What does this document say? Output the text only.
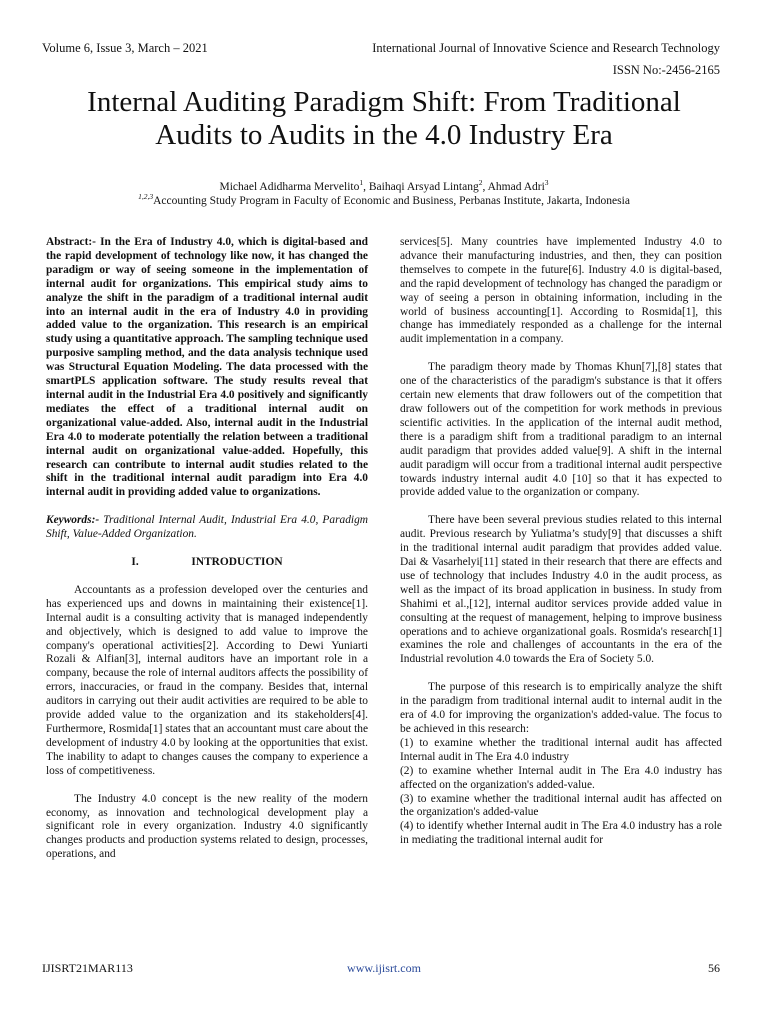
Volume 6, Issue 3, March – 2021	International Journal of Innovative Science and Research Technology
ISSN No:-2456-2165
Internal Auditing Paradigm Shift: From Traditional
Audits to Audits in the 4.0 Industry Era
Michael Adidharma Mervelito$^1$, Baihaqi Arsyad Lintang$^2$, Ahmad Adri$^3$
$^{1,2,3}$Accounting Study Program in Faculty of Economic and Business, Perbanas Institute, Jakarta, Indonesia

Abstract:- In the Era of Industry 4.0, which is digital-based and the rapid development of technology like now, it has changed the paradigm or way of seeing someone in the implementation of internal audit for organizations. This empirical study aims to analyze the shift in the paradigm of a traditional internal audit into an internal audit in the era of Industry 4.0 in providing added value to the organization. This research is an empirical study using a quantitative approach. The sampling technique used purposive sampling method, and the data analysis technique used was Structural Equation Modeling. The data processed with the smartPLS application software. The study results reveal that internal audit in the Industrial Era 4.0 positively and significantly mediates the effect of a traditional internal audit on organizational value-added. Also, internal audit in the Industrial Era 4.0 to moderate potentially the relation between a traditional internal audit on organizational value-added. Hopefully, this research can contribute to internal audit studies related to the shift in the traditional internal audit paradigm into Era 4.0 internal audit in providing added value to organizations.

Keywords:- Traditional Internal Audit, Industrial Era 4.0, Paradigm Shift, Value-Added Organization.

I.	INTRODUCTION

Accountants as a profession developed over the centuries and has experienced ups and downs in maintaining their existence[1]. Internal audit is a consulting activity that is managed independently and objectively, which is designed to add value to improve the company's operational activities[2]. According to Dewi Yuniarti Rozali & Alfian[3], internal auditors have an important role in a company, because the role of internal auditors affects the possibility of errors, inaccuracies, or fraud in the company. Besides that, internal auditors in carrying out their audit activities are required to be able to provide added value to the organization and its stakeholders[4]. Furthermore, Rosmida[1] states that an accountant must care about the development of industry 4.0 by looking at the opportunities that exist. The inability to adapt to changes causes the company to experience a loss of competitiveness.

The Industry 4.0 concept is the new reality of the modern economy, as innovation and technological development play a significant role in every organization. Industry 4.0 significantly changes products and production systems related to design, processes, operations, and

services[5]. Many countries have implemented Industry 4.0 to advance their manufacturing industries, and then, they can position themselves to compete in the future[6]. Industry 4.0 is digital-based, and the rapid development of technology has changed the paradigm or way of seeing a person in obtaining information, including in the world of business accounting[1]. According to Rosmida[1], this change has immediately responded as a challenge for the internal audit implementation in a company.

The paradigm theory made by Thomas Khun[7],[8] states that one of the characteristics of the paradigm's substance is that it offers certain new elements that draw followers out of the competition that draw followers out of the competition for work methods in previous scientific activities. In the application of the internal audit method, there is a paradigm shift from a traditional paradigm to an internal audit paradigm that provides added value[9]. A shift in the internal audit paradigm will occur from a traditional internal audit perspective towards industry internal audit 4.0 [10] so that it has expected to provide added value to the organization or company.

There have been several previous studies related to this internal audit. Previous research by Yuliatma’s study[9] that discusses a shift in the traditional internal audit paradigm that provides added value. Dai & Vasarhelyi[11] stated in their research that there are effects and use of technology that includes Industry 4.0 in the audit process, as well as the impact of its broad application in business. In study from Shahimi et al.,[12], internal auditor services provide added value in consulting at the request of management, helping to improve business operations and to achieve organizational goals. Rosmida's research[1] examines the role and challenges of accountants in the era of the Industrial revolution 4.0 towards the Era of Society 5.0.

The purpose of this research is to empirically analyze the shift in the paradigm from traditional internal audit to internal audit in the era of 4.0 for improving the organization's added-value. The focus to be achieved in this research:

(1) to examine whether the traditional internal audit has affected Internal audit in The Era 4.0 industry

(2) to examine whether Internal audit in The Era 4.0 industry has affected on the organization's added-value.

(3) to examine whether the traditional internal audit has affected on the organization's added-value

(4) to identify whether Internal audit in The Era 4.0 industry has a role in mediating the traditional internal audit for

IJISRT21MAR113	www.ijisrt.com	56
